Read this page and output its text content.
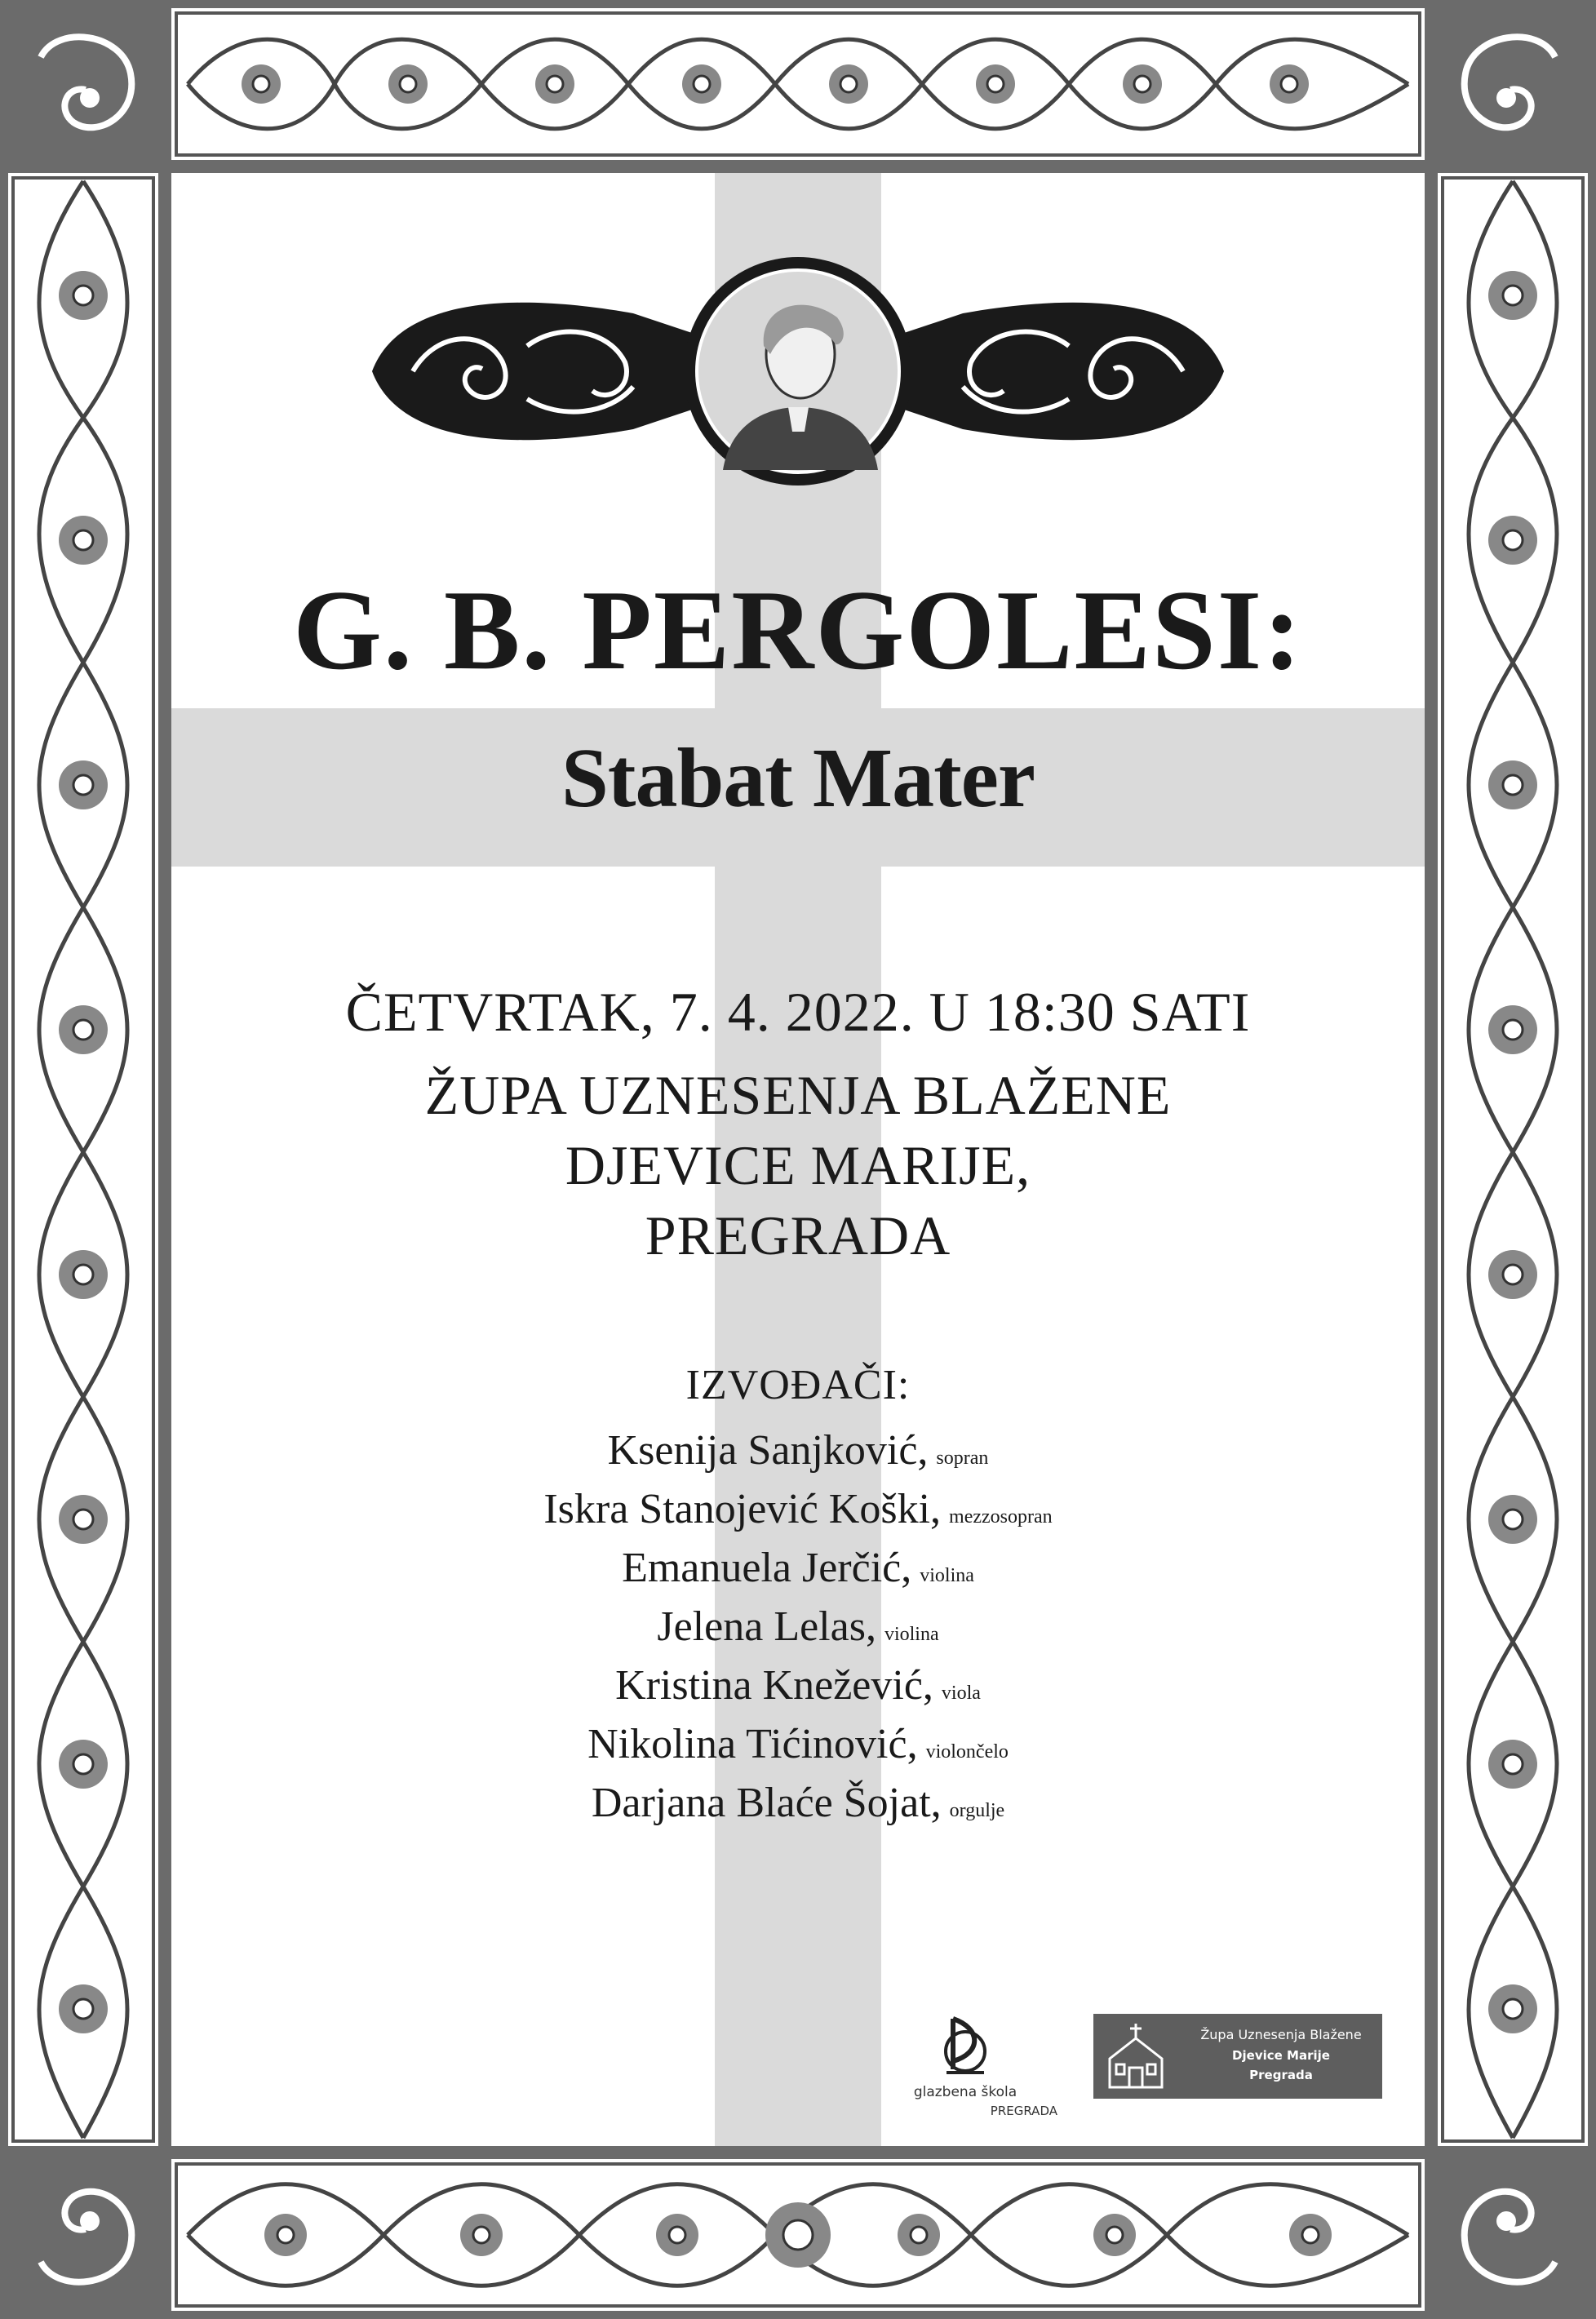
G. B. PERGOLESI:
Stabat Mater
ČETVRTAK, 7. 4. 2022. U 18:30 SATI
ŽUPA UZNESENJA BLAŽENE
DJEVICE MARIJE,
PREGRADA
IZVOĐAČI:
Ksenija Sanjković, sopran
Iskra Stanojević Koški, mezzosopran
Emanuela Jerčić, violina
Jelena Lelas, violina
Kristina Knežević, viola
Nikolina Tićinović, violončelo
Darjana Blaće Šojat, orgulje
glazbena škola
PREGRADA
Župa Uznesenja Blažene
Djevice Marije
Pregrada
